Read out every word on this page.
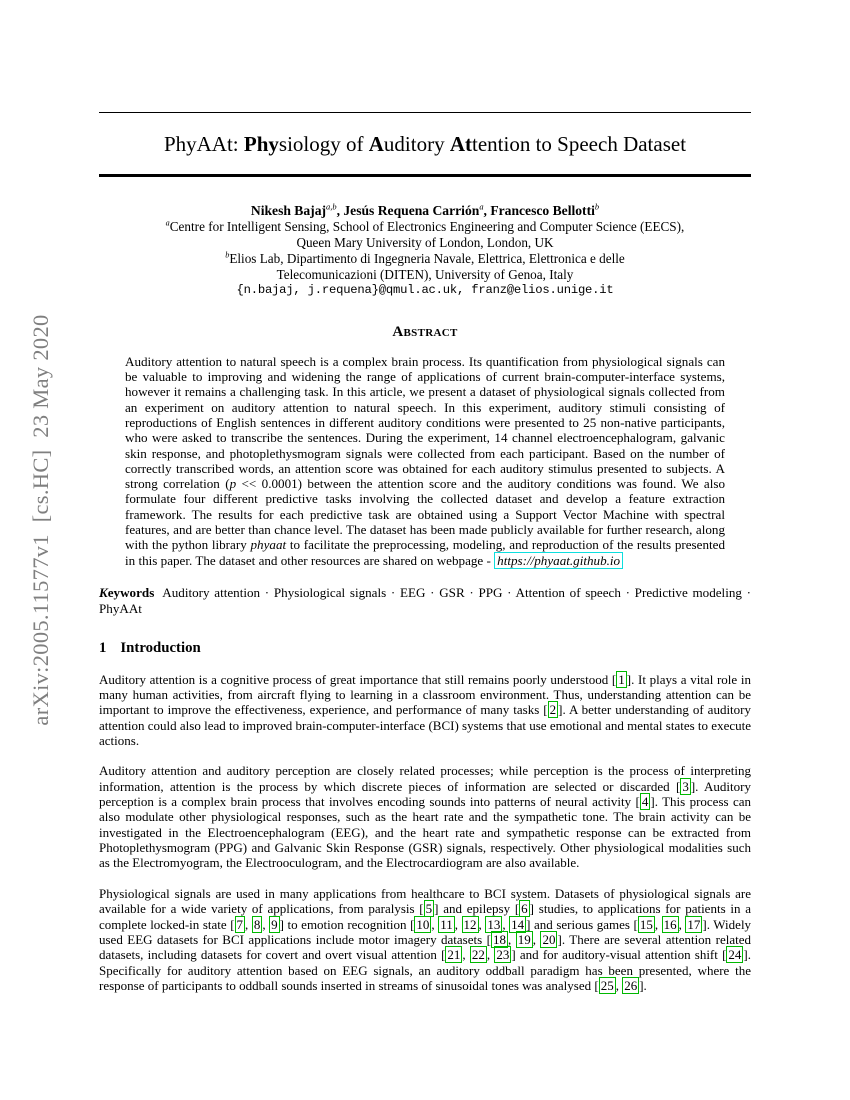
arXiv:2005.11577v1  [cs.HC]  23 May 2020
PhyAAt: Physiology of Auditory Attention to Speech Dataset
Nikesh Bajaj$^{a,b}$, Jesús Requena Carrión$^a$, Francesco Bellotti$^b$
$^a$Centre for Intelligent Sensing, School of Electronics Engineering and Computer Science (EECS),
Queen Mary University of London, London, UK
$^b$Elios Lab, Dipartimento di Ingegneria Navale, Elettrica, Elettronica e delle
Telecomunicazioni (DITEN), University of Genoa, Italy
{n.bajaj, j.requena}@qmul.ac.uk, franz@elios.unige.it
Abstract
Auditory attention to natural speech is a complex brain process. Its quantification from physiological signals can be valuable to improving and widening the range of applications of current brain-computer-interface systems, however it remains a challenging task. In this article, we present a dataset of physiological signals collected from an experiment on auditory attention to natural speech. In this experiment, auditory stimuli consisting of reproductions of English sentences in different auditory conditions were presented to 25 non-native participants, who were asked to transcribe the sentences. During the experiment, 14 channel electroencephalogram, galvanic skin response, and photoplethysmogram signals were collected from each participant. Based on the number of correctly transcribed words, an attention score was obtained for each auditory stimulus presented to subjects. A strong correlation (p << 0.0001) between the attention score and the auditory conditions was found. We also formulate four different predictive tasks involving the collected dataset and develop a feature extraction framework. The results for each predictive task are obtained using a Support Vector Machine with spectral features, and are better than chance level. The dataset has been made publicly available for further research, along with the python library phyaat to facilitate the preprocessing, modeling, and reproduction of the results presented in this paper. The dataset and other resources are shared on webpage - https://phyaat.github.io
Keywords Auditory attention · Physiological signals · EEG · GSR · PPG · Attention of speech · Predictive modeling · PhyAAt
1 Introduction
Auditory attention is a cognitive process of great importance that still remains poorly understood [ 1 ]. It plays a vital role in many human activities, from aircraft flying to learning in a classroom environment. Thus, understanding attention can be important to improve the effectiveness, experience, and performance of many tasks [ 2 ]. A better understanding of auditory attention could also lead to improved brain-computer-interface (BCI) systems that use emotional and mental states to execute actions.
Auditory attention and auditory perception are closely related processes; while perception is the process of interpreting information, attention is the process by which discrete pieces of information are selected or discarded [ 3 ]. Auditory perception is a complex brain process that involves encoding sounds into patterns of neural activity [ 4 ]. This process can also modulate other physiological responses, such as the heart rate and the sympathetic tone. The brain activity can be investigated in the Electroencephalogram (EEG), and the heart rate and sympathetic response can be extracted from Photoplethysmogram (PPG) and Galvanic Skin Response (GSR) signals, respectively. Other physiological modalities such as the Electromyogram, the Electrooculogram, and the Electrocardiogram are also available.
Physiological signals are used in many applications from healthcare to BCI system. Datasets of physiological signals are available for a wide variety of applications, from paralysis [ 5 ] and epilepsy [ 6 ] studies, to applications for patients in a complete locked-in state [ 7 , 8 , 9 ] to emotion recognition [ 10 , 11 , 12 , 13 , 14 ] and serious games [ 15 , 16 , 17 ]. Widely used EEG datasets for BCI applications include motor imagery datasets [ 18 , 19 , 20 ]. There are several attention related datasets, including datasets for covert and overt visual attention [ 21 , 22 , 23 ] and for auditory-visual attention shift [ 24 ]. Specifically for auditory attention based on EEG signals, an auditory oddball paradigm has been presented, where the response of participants to oddball sounds inserted in streams of sinusoidal tones was analysed [ 25 , 26 ].
